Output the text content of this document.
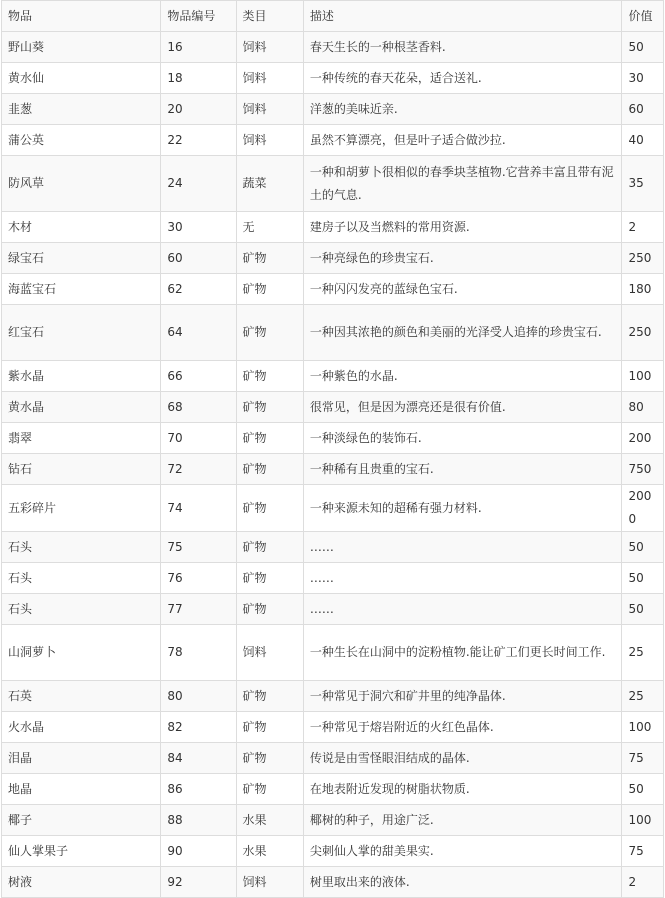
物品	物品编号	类目	描述	价值
野山葵	16	饲料	春天生长的一种根茎香料.	50
黄水仙	18	饲料	一种传统的春天花朵，适合送礼.	30
韭葱	20	饲料	洋葱的美味近亲.	60
蒲公英	22	饲料	虽然不算漂亮，但是叶子适合做沙拉.	40
防风草	24	蔬菜	一种和胡萝卜很相似的春季块茎植物.它营养丰富且带有泥土的气息.	35
木材	30	无	建房子以及当燃料的常用资源.	2
绿宝石	60	矿物	一种亮绿色的珍贵宝石.	250
海蓝宝石	62	矿物	一种闪闪发亮的蓝绿色宝石.	180
红宝石	64	矿物	一种因其浓艳的颜色和美丽的光泽受人追捧的珍贵宝石.	250
紫水晶	66	矿物	一种紫色的水晶.	100
黄水晶	68	矿物	很常见，但是因为漂亮还是很有价值.	80
翡翠	70	矿物	一种淡绿色的装饰石.	200
钻石	72	矿物	一种稀有且贵重的宝石.	750
五彩碎片	74	矿物	一种来源未知的超稀有强力材料.	2000
石头	75	矿物	……	50
石头	76	矿物	……	50
石头	77	矿物	……	50
山洞萝卜	78	饲料	一种生长在山洞中的淀粉植物.能让矿工们更长时间工作.	25
石英	80	矿物	一种常见于洞穴和矿井里的纯净晶体.	25
火水晶	82	矿物	一种常见于熔岩附近的火红色晶体.	100
泪晶	84	矿物	传说是由雪怪眼泪结成的晶体.	75
地晶	86	矿物	在地表附近发现的树脂状物质.	50
椰子	88	水果	椰树的种子，用途广泛.	100
仙人掌果子	90	水果	尖刺仙人掌的甜美果实.	75
树液	92	饲料	树里取出来的液体.	2
